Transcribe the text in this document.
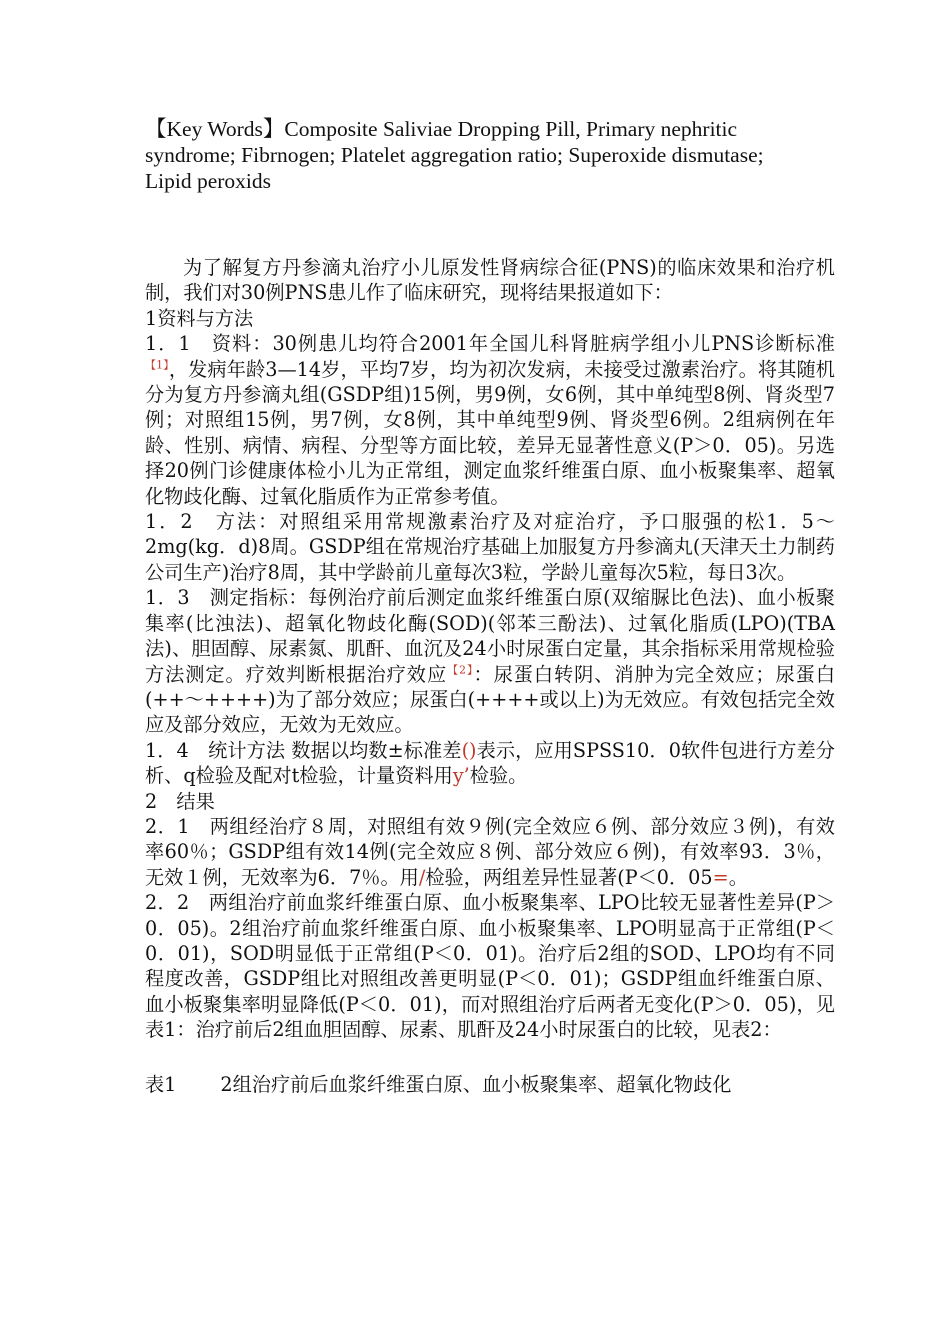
【Key Words】Composite Saliviae Dropping Pill, Primary nephritic syndrome; Fibrnogen; Platelet aggregation ratio; Superoxide dismutase; Lipid peroxids

为了解复方丹参滴丸治疗小儿原发性肾病综合征(PNS)的临床效果和治疗机制，我们对30例PNS患儿作了临床研究，现将结果报道如下：

1资料与方法

1．1　资料：30例患儿均符合2001年全国儿科肾脏病学组小儿PNS诊断标准$^{【1】}$，发病年龄3—14岁，平均7岁，均为初次发病，未接受过激素治疗。将其随机分为复方丹参滴丸组(GSDP组)15例，男9例，女6例，其中单纯型8例、肾炎型7例；对照组15例，男7例，女8例，其中单纯型9例、肾炎型6例。2组病例在年龄、性别、病情、病程、分型等方面比较，差异无显著性意义(P＞0．05)。另选择20例门诊健康体检小儿为正常组，测定血浆纤维蛋白原、血小板聚集率、超氧化物歧化酶、过氧化脂质作为正常参考值。

1．2　方法：对照组采用常规激素治疗及对症治疗，予口服强的松1．5～2mg(kg．d)8周。GSDP组在常规治疗基础上加服复方丹参滴丸(天津天土力制药公司生产)治疗8周，其中学龄前儿童每次3粒，学龄儿童每次5粒，每日3次。

1．3　测定指标：每例治疗前后测定血浆纤维蛋白原(双缩脲比色法)、血小板聚集率(比浊法)、超氧化物歧化酶(SOD)(邻苯三酚法)、过氧化脂质(LPO)(TBA法)、胆固醇、尿素氮、肌酐、血沉及24小时尿蛋白定量，其余指标采用常规检验方法测定。疗效判断根据治疗效应$^{【2】}$：尿蛋白转阴、消肿为完全效应；尿蛋白(++～++++)为了部分效应；尿蛋白(++++或以上)为无效应。有效包括完全效应及部分效应，无效为无效应。

1．4　统计方法 数据以均数±标准差()表示，应用SPSS10．0软件包进行方差分析、q检验及配对t检验，计量资料用y’检验。

2　结果

2．1　两组经治疗８周，对照组有效９例(完全效应６例、部分效应３例)，有效率60％；GSDP组有效14例(完全效应８例、部分效应６例)，有效率93．3％，无效１例，无效率为6．7％。用/检验，两组差异性显著(P＜0．05=。

2．2　两组治疗前血浆纤维蛋白原、血小板聚集率、LPO比较无显著性差异(P＞0．05)。2组治疗前血浆纤维蛋白原、血小板聚集率、LPO明显高于正常组(P＜0．01)，SOD明显低于正常组(P＜0．01)。治疗后2组的SOD、LPO均有不同程度改善，GSDP组比对照组改善更明显(P＜0．01)；GSDP组血纤维蛋白原、血小板聚集率明显降低(P＜0．01)，而对照组治疗后两者无变化(P＞0．05)，见表1：治疗前后2组血胆固醇、尿素、肌酐及24小时尿蛋白的比较，见表2：

表1 2组治疗前后血浆纤维蛋白原、血小板聚集率、超氧化物歧化
